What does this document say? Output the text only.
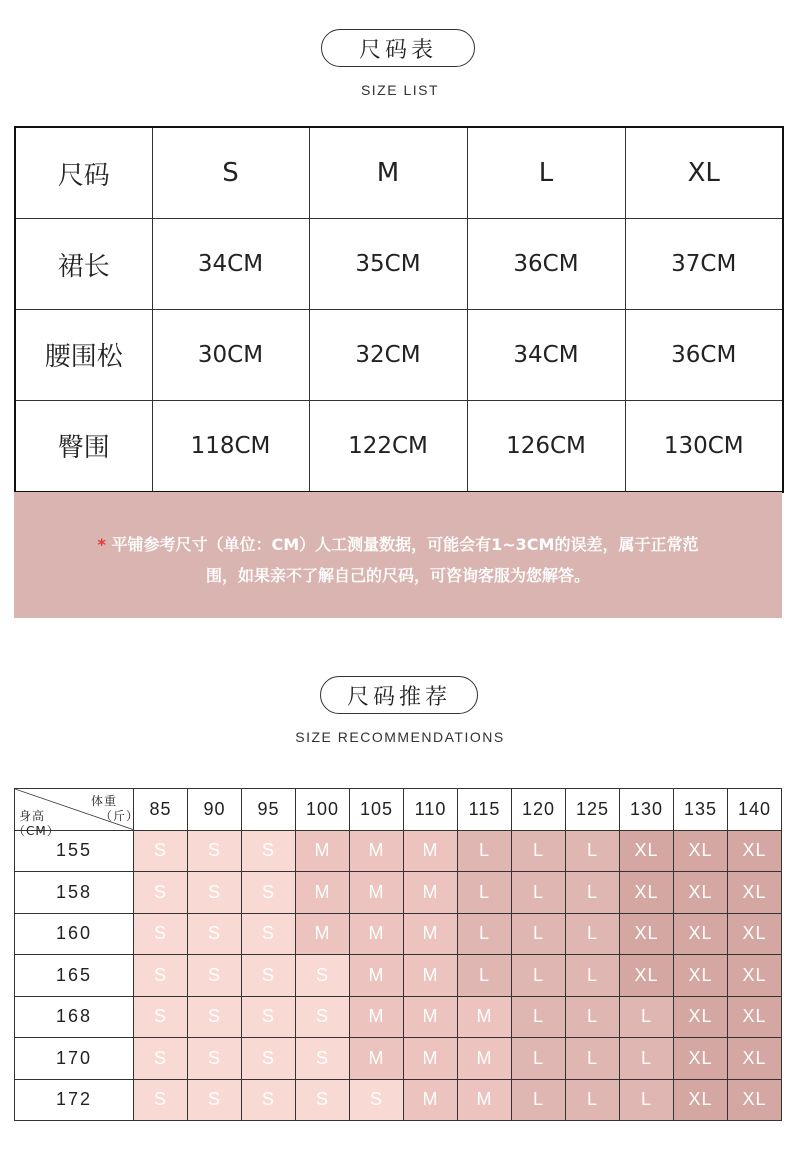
尺码表
SIZE LIST
尺码	S	M	L	XL
裙长	34CM	35CM	36CM	37CM
腰围松	30CM	32CM	34CM	36CM
臀围	118CM	122CM	126CM	130CM
* 平铺参考尺寸（单位：CM）人工测量数据，可能会有1~3CM的误差，属于正常范
围，如果亲不了解自己的尺码，可咨询客服为您解答。
尺码推荐
SIZE RECOMMENDATIONS
体重
（斤）
身高
（CM）	85	90	95	100	105	110	115	120	125	130	135	140
155	S	S	S	M	M	M	L	L	L	XL	XL	XL
158	S	S	S	M	M	M	L	L	L	XL	XL	XL
160	S	S	S	M	M	M	L	L	L	XL	XL	XL
165	S	S	S	S	M	M	L	L	L	XL	XL	XL
168	S	S	S	S	M	M	M	L	L	L	XL	XL
170	S	S	S	S	M	M	M	L	L	L	XL	XL
172	S	S	S	S	S	M	M	L	L	L	XL	XL
